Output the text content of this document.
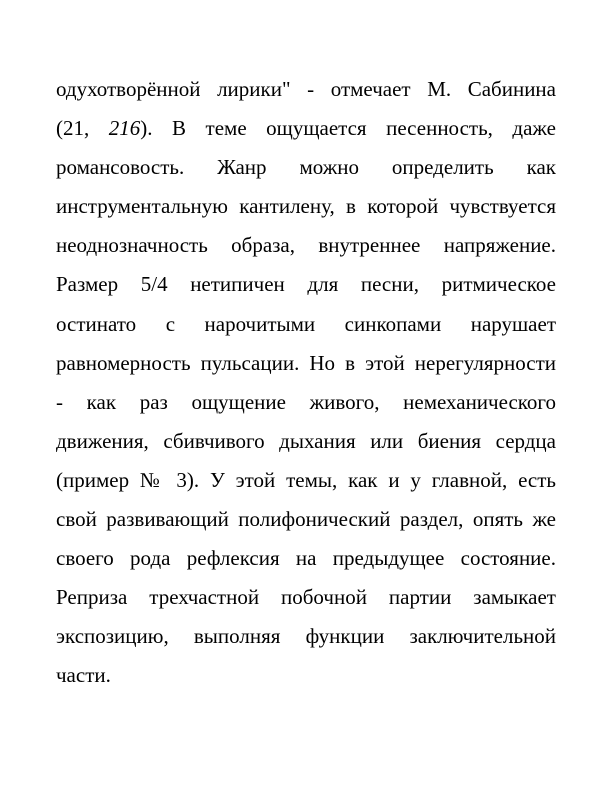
одухотворённой лирики" - отмечает М. Сабинина
(21, 216). В теме ощущается песенность, даже
романсовость. Жанр можно определить как
инструментальную кантилену, в которой чувствуется
неоднозначность образа, внутреннее напряжение.
Размер 5/4 нетипичен для песни, ритмическое
остинато с нарочитыми синкопами нарушает
равномерность пульсации. Но в этой нерегулярности
- как раз ощущение живого, немеханического
движения, сбивчивого дыхания или биения сердца
(пример № 3). У этой темы, как и у главной, есть
свой развивающий полифонический раздел, опять же
своего рода рефлексия на предыдущее состояние.
Реприза трехчастной побочной партии замыкает
экспозицию, выполняя функции заключительной
части.
